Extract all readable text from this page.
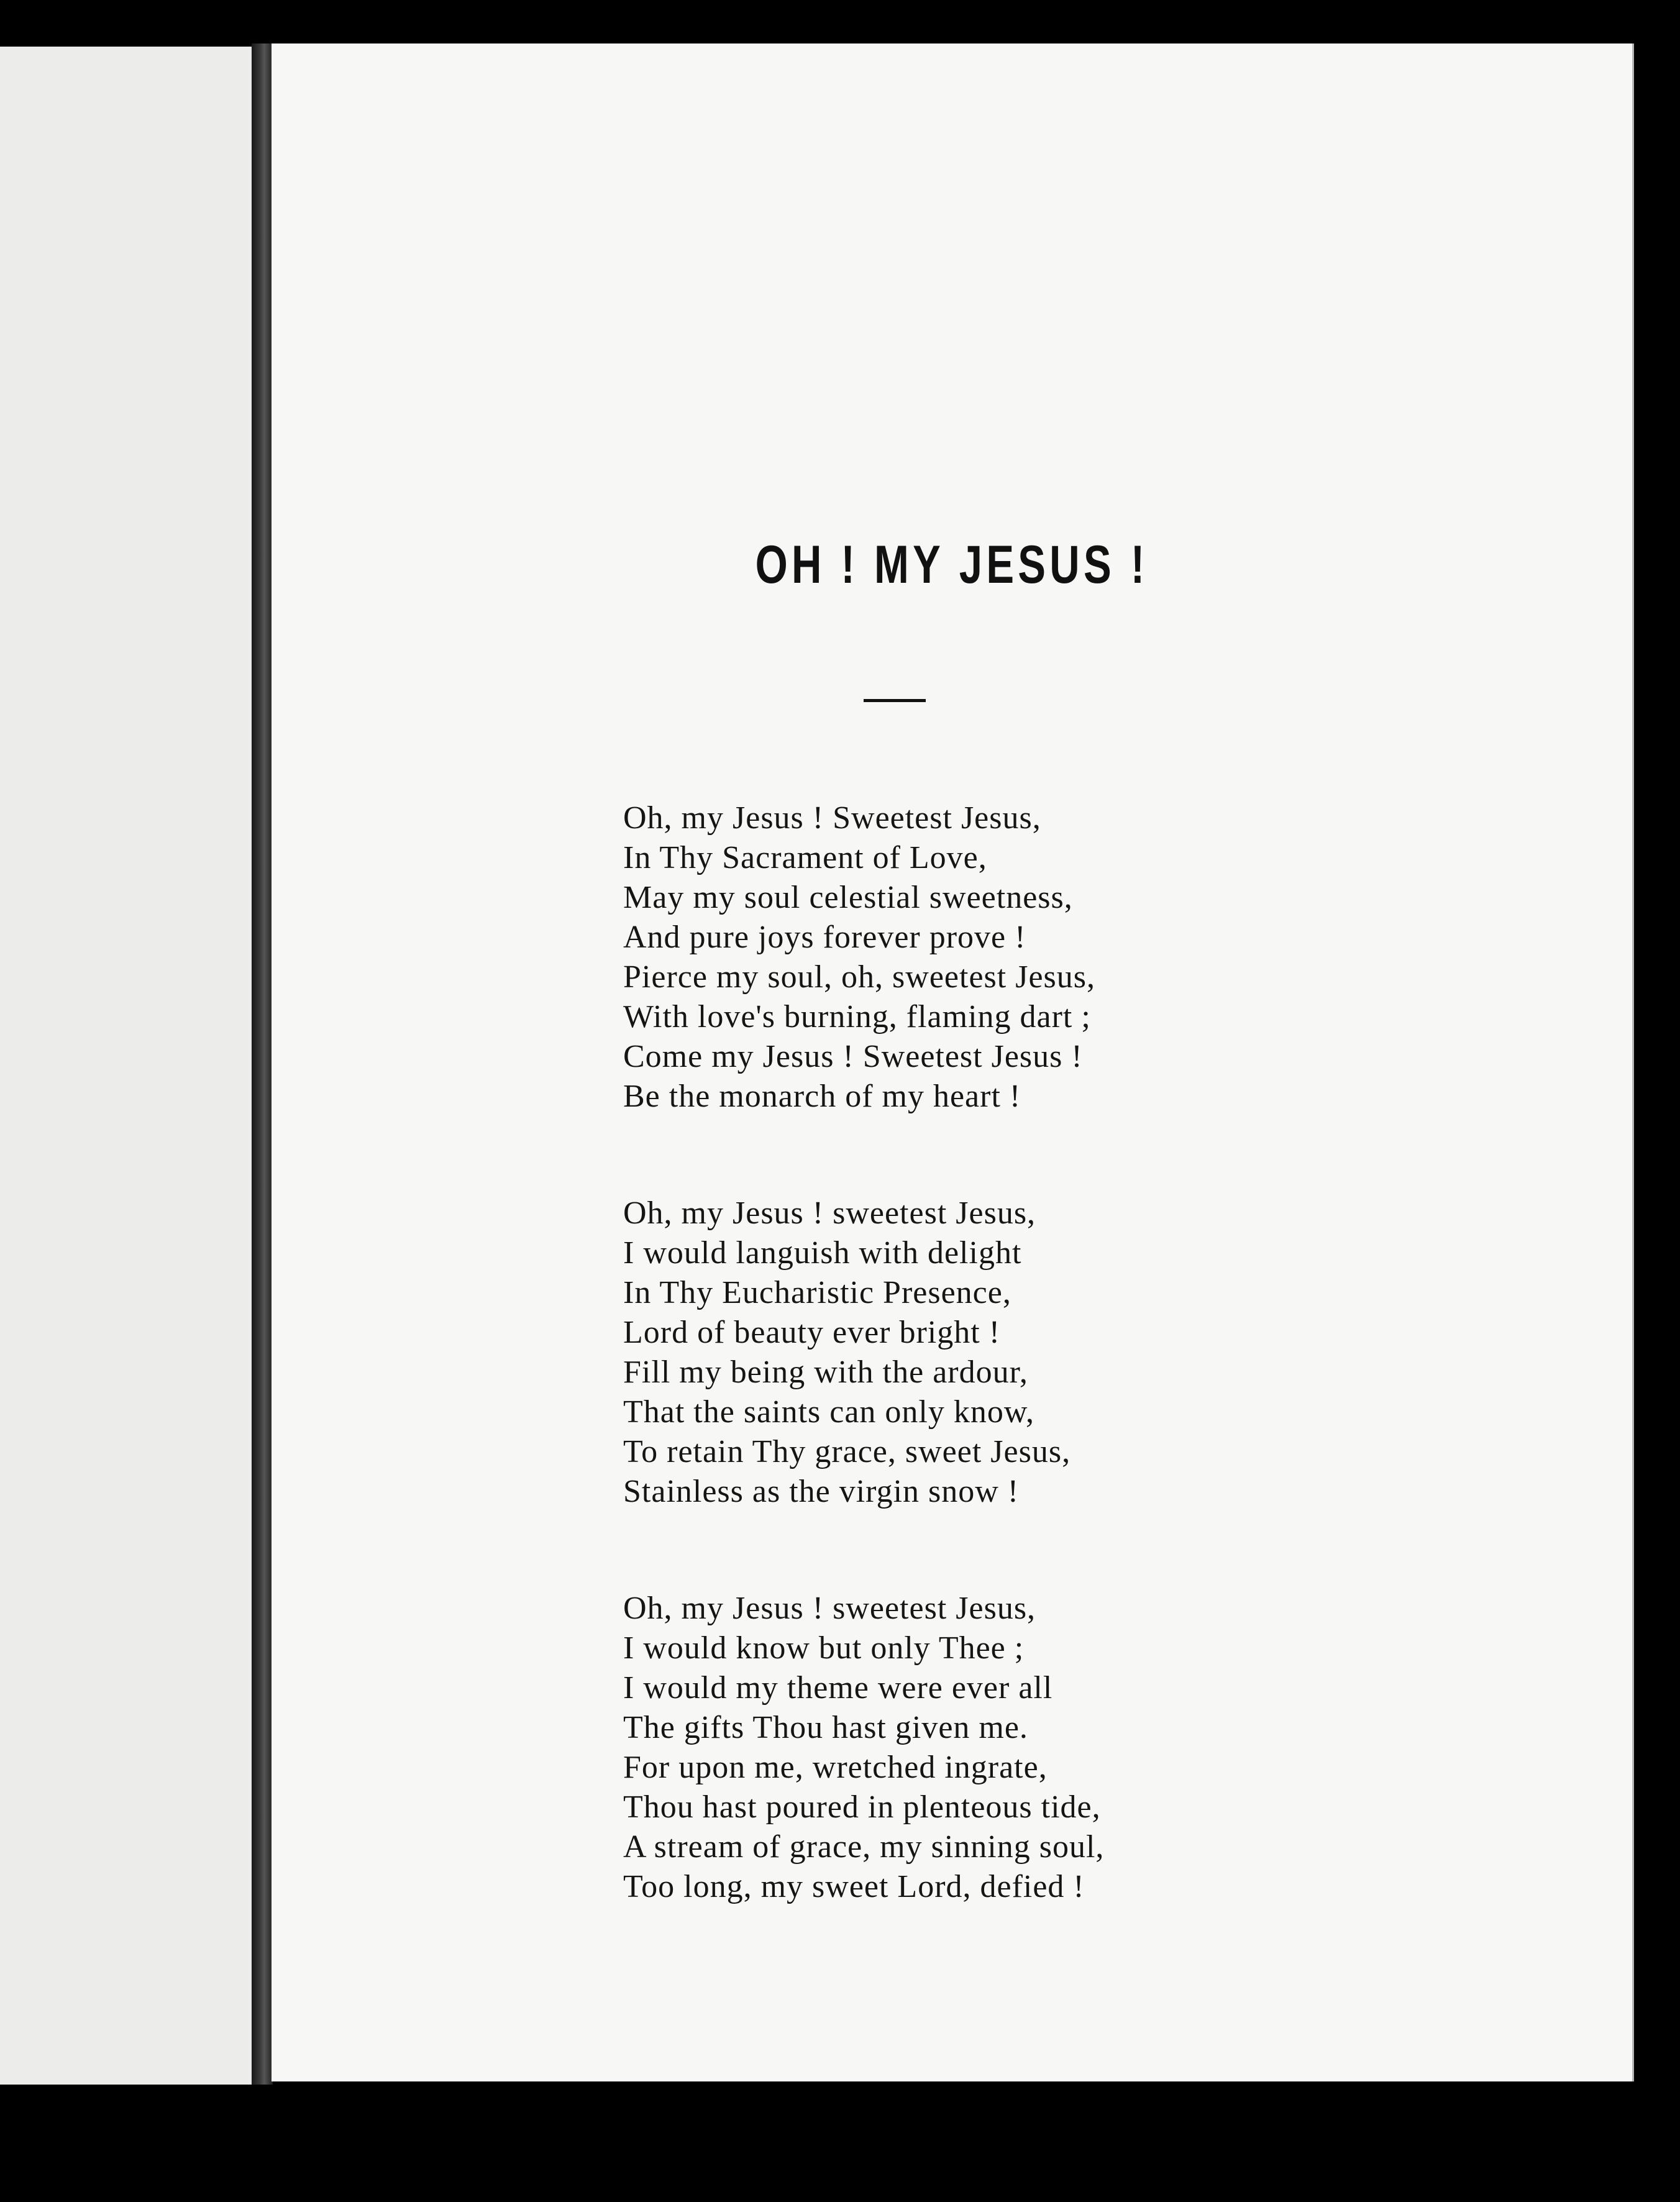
OH ! MY JESUS !
Oh, my Jesus ! Sweetest Jesus,
In Thy Sacrament of Love,
May my soul celestial sweetness,
And pure joys forever prove !
Pierce my soul, oh, sweetest Jesus,
With love's burning, flaming dart ;
Come my Jesus ! Sweetest Jesus !
Be the monarch of my heart !
Oh, my Jesus ! sweetest Jesus,
I would languish with delight
In Thy Eucharistic Presence,
Lord of beauty ever bright !
Fill my being with the ardour,
That the saints can only know,
To retain Thy grace, sweet Jesus,
Stainless as the virgin snow !
Oh, my Jesus ! sweetest Jesus,
I would know but only Thee ;
I would my theme were ever all
The gifts Thou hast given me.
For upon me, wretched ingrate,
Thou hast poured in plenteous tide,
A stream of grace, my sinning soul,
Too long, my sweet Lord, defied !
